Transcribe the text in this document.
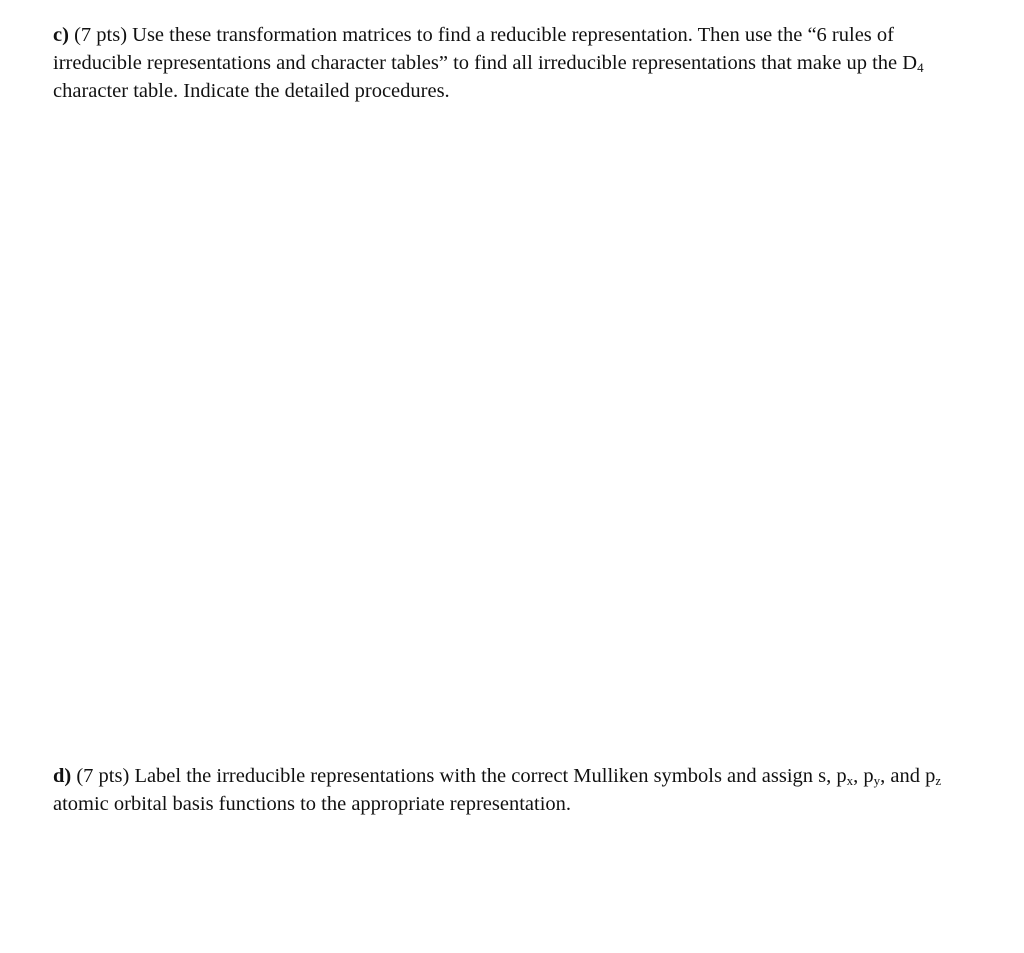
c) (7 pts) Use these transformation matrices to find a reducible representation. Then use the “6 rules of irreducible representations and character tables” to find all irreducible representations that make up the $D_4$ character table. Indicate the detailed procedures.
d) (7 pts) Label the irreducible representations with the correct Mulliken symbols and assign s, $p_x$, $p_y$, and $p_z$ atomic orbital basis functions to the appropriate representation.
